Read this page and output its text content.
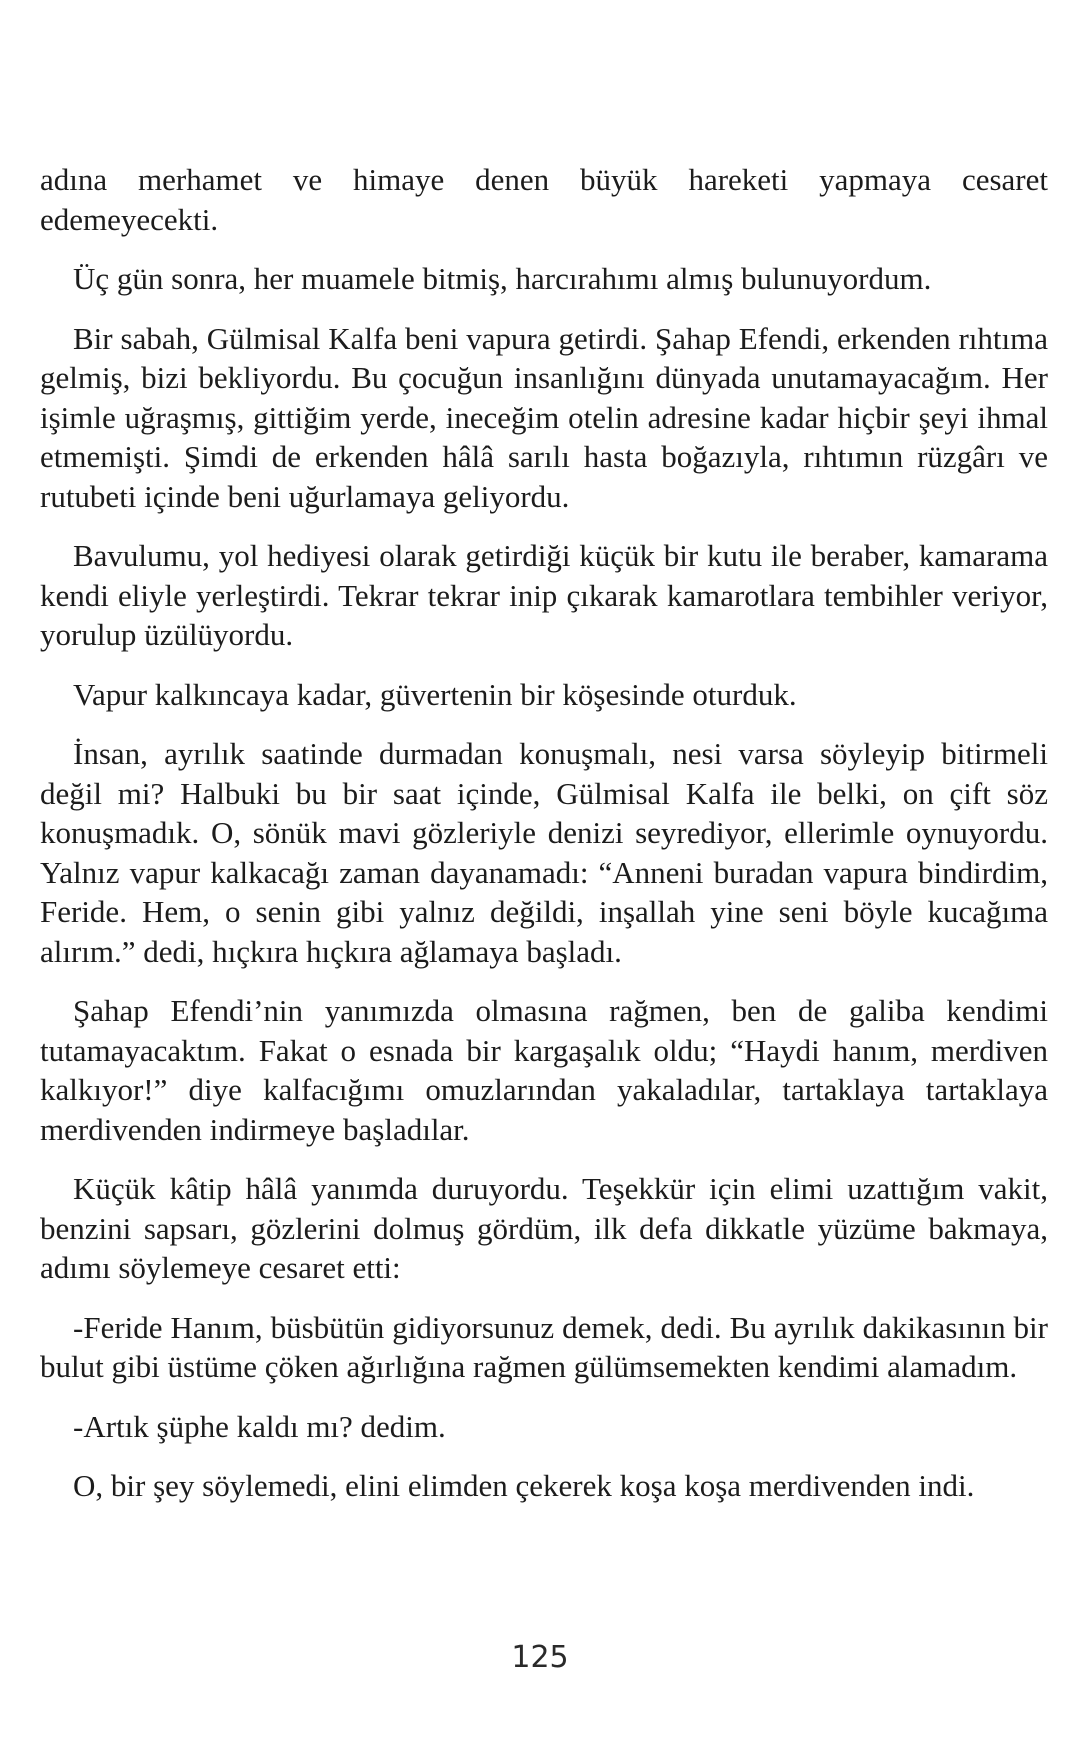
adına merhamet ve himaye denen büyük hareketi yapmaya cesaret edemeyecekti.

Üç gün sonra, her muamele bitmiş, harcırahımı almış bulunuyordum.

Bir sabah, Gülmisal Kalfa beni vapura getirdi. Şahap Efendi, erkenden rıhtıma gelmiş, bizi bekliyordu. Bu çocuğun insanlığını dünyada unutamayacağım. Her işimle uğraşmış, gittiğim yerde, ineceğim otelin adresine kadar hiçbir şeyi ihmal etmemişti. Şimdi de erkenden hâlâ sarılı hasta boğazıyla, rıhtımın rüzgârı ve rutubeti içinde beni uğurlamaya geliyordu.

Bavulumu, yol hediyesi olarak getirdiği küçük bir kutu ile beraber, kamarama kendi eliyle yerleştirdi. Tekrar tekrar inip çıkarak kamarotlara tembihler veriyor, yorulup üzülüyordu.

Vapur kalkıncaya kadar, güvertenin bir köşesinde oturduk.

İnsan, ayrılık saatinde durmadan konuşmalı, nesi varsa söyleyip bitirmeli değil mi? Halbuki bu bir saat içinde, Gülmisal Kalfa ile belki, on çift söz konuşmadık. O, sönük mavi gözleriyle denizi seyrediyor, ellerimle oynuyordu. Yalnız vapur kalkacağı zaman dayanamadı: “Anneni buradan vapura bindirdim, Feride. Hem, o senin gibi yalnız değildi, inşallah yine seni böyle kucağıma alırım.” dedi, hıçkıra hıçkıra ağlamaya başladı.

Şahap Efendi’nin yanımızda olmasına rağmen, ben de galiba kendimi tutamayacaktım. Fakat o esnada bir kargaşalık oldu; “Haydi hanım, merdiven kalkıyor!” diye kalfacığımı omuzlarından yakaladılar, tartaklaya tartaklaya merdivenden indirmeye başladılar.

Küçük kâtip hâlâ yanımda duruyordu. Teşekkür için elimi uzattığım vakit, benzini sapsarı, gözlerini dolmuş gördüm, ilk defa dikkatle yüzüme bakmaya, adımı söylemeye cesaret etti:

-Feride Hanım, büsbütün gidiyorsunuz demek, dedi. Bu ayrılık dakikasının bir bulut gibi üstüme çöken ağırlığına rağmen gülümsemekten kendimi alamadım.

-Artık şüphe kaldı mı? dedim.

O, bir şey söylemedi, elini elimden çekerek koşa koşa merdivenden indi.

125
